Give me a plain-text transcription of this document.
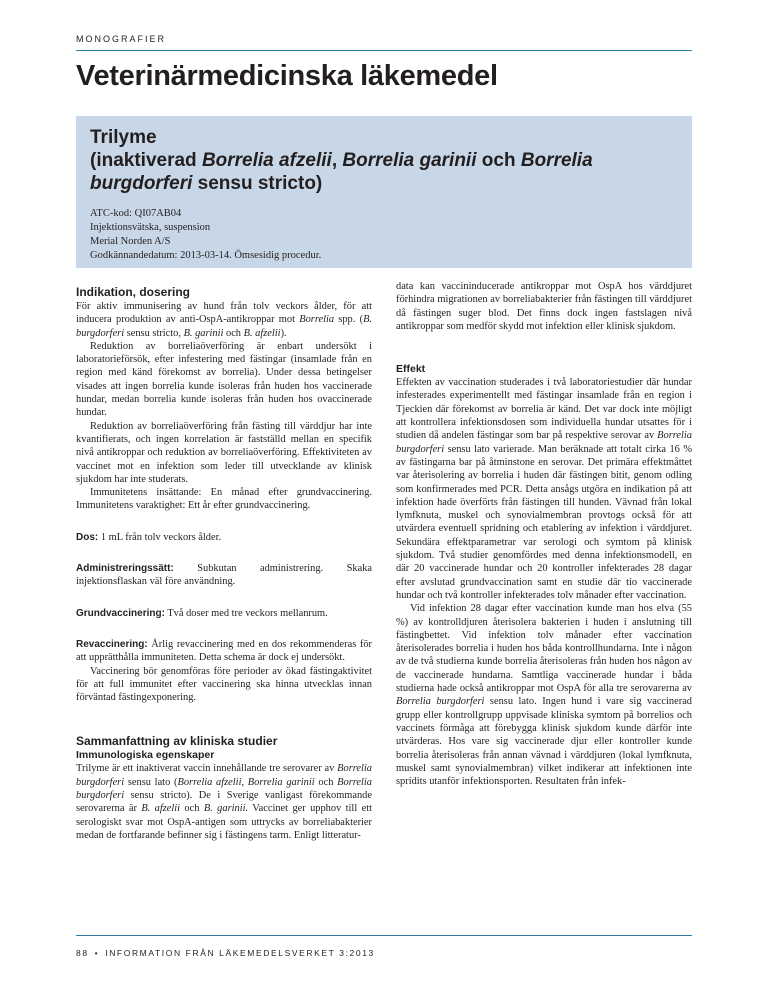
MONOGRAFIER
Veterinärmedicinska läkemedel
Trilyme
(inaktiverad Borrelia afzelii, Borrelia garinii och Borrelia
burgdorferi sensu stricto)
ATC-kod: QI07AB04
Injektionsvätska, suspension
Merial Norden A/S
Godkännandedatum: 2013-03-14. Ömsesidig procedur.
Indikation, dosering

För aktiv immunisering av hund från tolv veckors ålder, för att inducera produktion av anti-OspA-antikroppar mot Borrelia spp. (B. burgdorferi sensu stricto, B. garinii och B. afzelii).

Reduktion av borreliaöverföring är enbart undersökt i laboratorieförsök, efter infestering med fästingar (insamlade från en region med känd förekomst av borrelia). Under dessa betingelser visades att ingen borrelia kunde isoleras från huden hos vaccinerade hundar, medan borrelia kunde isoleras från huden hos ovaccinerade hundar.

Reduktion av borreliaöverföring från fästing till värddjur har inte kvantifierats, och ingen korrelation är fastställd mellan en specifik nivå antikroppar och reduktion av borreliaöverföring. Effektiviteten av vaccinet mot en infektion som leder till utvecklande av klinisk sjukdom har inte studerats.

Immunitetens insättande: En månad efter grundvaccinering. Immunitetens varaktighet: Ett år efter grundvaccinering.

Dos: 1 mL från tolv veckors ålder.

Administreringssätt: Subkutan administrering. Skaka injektionsflaskan väl före användning.

Grundvaccinering: Två doser med tre veckors mellanrum.

Revaccinering: Årlig revaccinering med en dos rekommenderas för att upprätthålla immuniteten. Detta schema är dock ej undersökt.

Vaccinering bör genomföras före perioder av ökad fästingaktivitet för att full immunitet efter vaccinering ska hinna utvecklas innan förväntad fästingexponering.

Sammanfattning av kliniska studier
Immunologiska egenskaper

Trilyme är ett inaktiverat vaccin innehållande tre serovarer av Borrelia burgdorferi sensu lato (Borrelia afzelii, Borrelia garinii och Borrelia burgdorferi sensu stricto). De i Sverige vanligast förekommande serovarerna är B. afzelii och B. garinii. Vaccinet ger upphov till ett serologiskt svar mot OspA-antigen som uttrycks av borreliabakterier medan de fortfarande befinner sig i fästingens tarm. Enligt litteratur-

data kan vaccininducerade antikroppar mot OspA hos värddjuret förhindra migrationen av borreliabakterier från fästingen till värddjuret då fästingen suger blod. Det finns dock ingen fastslagen nivå antikroppar som medför skydd mot infektion eller klinisk sjukdom.

Effekt

Effekten av vaccination studerades i två laboratoriestudier där hundar infesterades experimentellt med fästingar insamlade från en region i Tjeckien där förekomst av borrelia är känd. Det var dock inte möjligt att kontrollera infektionsdosen som individuella hundar utsattes för i studien då andelen fästingar som bar på respektive serovar av Borrelia burgdorferi sensu lato varierade. Man beräknade att totalt cirka 16 % av fästingarna bar på åtminstone en serovar. Det primära effektmåttet var återisolering av borrelia i huden där fästingen bitit, genom odling som konfirmerades med PCR. Detta ansågs utgöra en indikation på att infektion hade överförts från fästingen till hunden. Vävnad från lokal lymfknuta, muskel och synovialmembran provtogs också för att utvärdera eventuell spridning och etablering av infektion i värddjuret. Sekundära effektparametrar var serologi och symtom på klinisk sjukdom. Två studier genomfördes med denna infektionsmodell, en där 20 vaccinerade hundar och 20 kontroller infekterades 28 dagar efter avslutad grundvaccination samt en studie där tio vaccinerade hundar och två kontroller infekterades tolv månader efter vaccination.

Vid infektion 28 dagar efter vaccination kunde man hos elva (55 %) av kontrolldjuren återisolera bakterien i huden i anslutning till fästingbettet. Vid infektion tolv månader efter vaccination återisolerades borrelia i huden hos båda kontrollhundarna. Inte i någon av de två studierna kunde borrelia återisoleras från huden hos någon av de vaccinerade hundarna. Samtliga vaccinerade hundar i båda studierna hade också antikroppar mot OspA för alla tre serovarerna av Borrelia burgdorferi sensu lato. Ingen hund i vare sig vaccinerad grupp eller kontrollgrupp uppvisade kliniska symtom på borrelios och vaccinets förmåga att förebygga klinisk sjukdom kunde därför inte utvärderas. Hos vare sig vaccinerade djur eller kontroller kunde borrelia återisoleras från annan vävnad i värddjuren (lokal lymfknuta, muskel samt synovialmembran) vilket indikerar att infektionen inte spridits utanför infektionsporten. Resultaten från infek-

88 • INFORMATION FRÅN LÄKEMEDELSVERKET 3:2013
